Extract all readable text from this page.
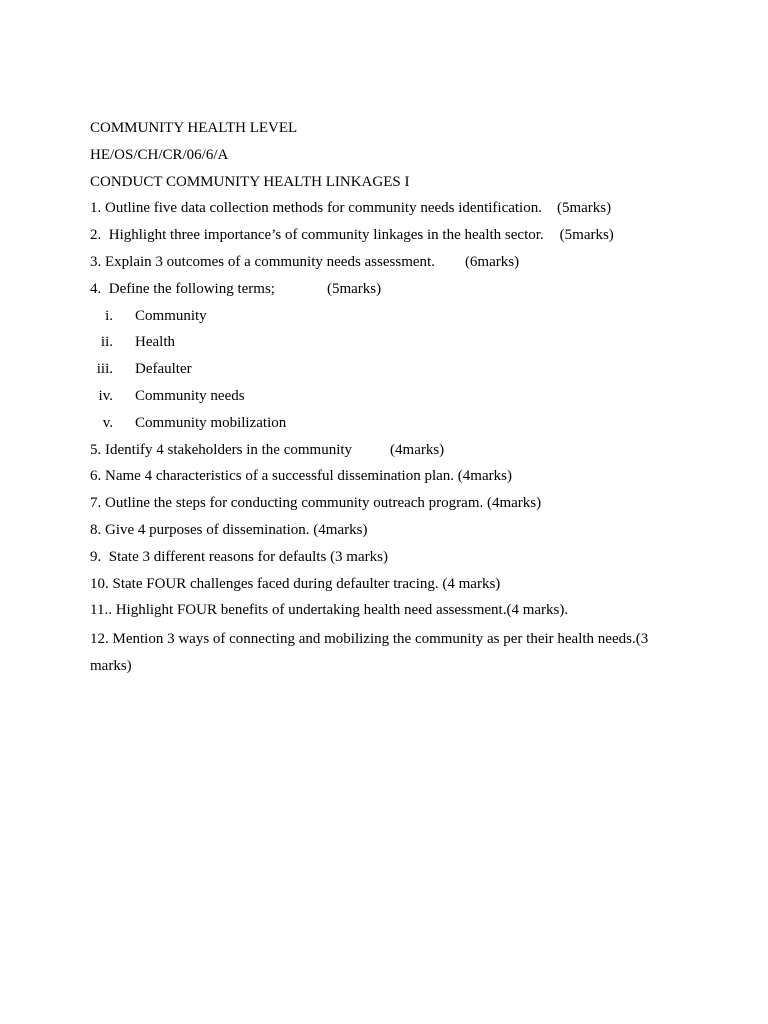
COMMUNITY HEALTH LEVEL
HE/OS/CH/CR/06/6/A
CONDUCT COMMUNITY HEALTH LINKAGES I
1. Outline five data collection methods for community needs identification. (5marks)
2.  Highlight three importance’s of community linkages in the health sector. (5marks)
3. Explain 3 outcomes of a community needs assessment. (6marks)
4.  Define the following terms;	(5marks)
i. Community
ii. Health
iii. Defaulter
iv. Community needs
v. Community mobilization
5. Identify 4 stakeholders in the community	(4marks)
6. Name 4 characteristics of a successful dissemination plan. (4marks)
7. Outline the steps for conducting community outreach program. (4marks)
8. Give 4 purposes of dissemination. (4marks)
9.  State 3 different reasons for defaults (3 marks)
10. State FOUR challenges faced during defaulter tracing. (4 marks)
11.. Highlight FOUR benefits of undertaking health need assessment.(4 marks).
12. Mention 3 ways of connecting and mobilizing the community as per their health needs.(3 marks)
